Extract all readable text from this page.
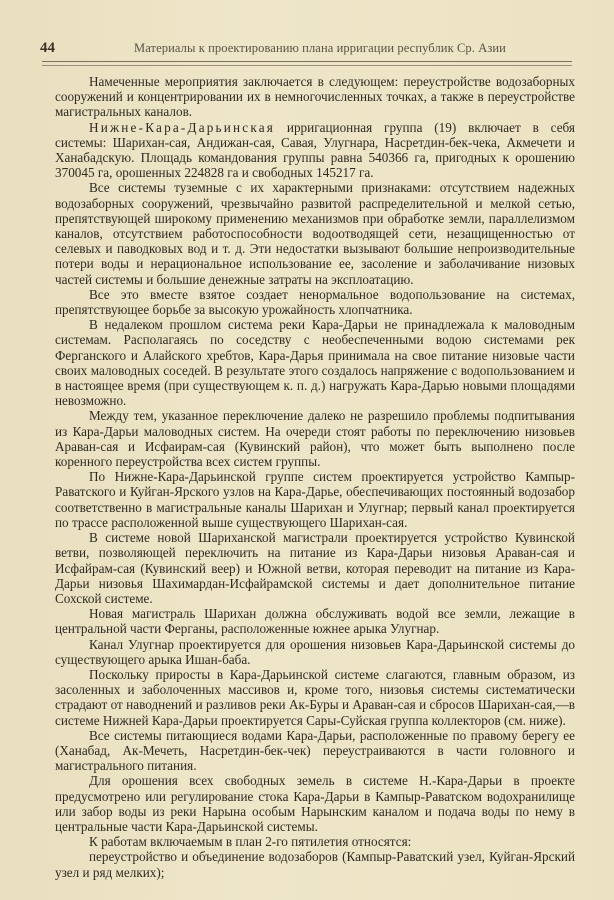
44	Материалы к проектированию плана ирригации республик Ср. Азии

Намеченные мероприятия заключается в следующем: переустройстве водозаборных сооружений и концентрировании их в немногочисленных точках, а также в переустройстве магистральных каналов.

Нижне-Кара-Дарьинская ирригационная группа (19) включает в себя системы: Шарихан-сая, Андижан-сая, Савая, Улугнара, Насретдин-бек-чека, Акмечети и Ханабадскую. Площадь командования группы равна 540366 га, пригодных к орошению 370045 га, орошенных 224828 га и свободных 145217 га.

Все системы туземные с их характерными признаками: отсутствием надежных водозаборных сооружений, чрезвычайно развитой распределительной и мелкой сетью, препятствующей широкому применению механизмов при обработке земли, параллелизмом каналов, отсутствием работоспособности водоотводящей сети, незащищенностью от селевых и паводковых вод и т. д. Эти недостатки вызывают большие непроизводительные потери воды и нерациональное использование ее, засоление и заболачивание низовых частей системы и большие денежные затраты на эксплоатацию.

Все это вместе взятое создает ненормальное водопользование на системах, препятствующее борьбе за высокую урожайность хлопчатника.

В недалеком прошлом система реки Кара-Дарьи не принадлежала к маловодным системам. Располагаясь по соседству с необеспеченными водою системами рек Ферганского и Алайского хребтов, Кара-Дарья принимала на свое питание низовые части своих маловодных соседей. В результате этого создалось напряжение с водопользованием и в настоящее время (при существующем к. п. д.) нагружать Кара-Дарью новыми площадями невозможно.

Между тем, указанное переключение далеко не разрешило проблемы подпитывания из Кара-Дарьи маловодных систем. На очереди стоят работы по переключению низовьев Араван-сая и Исфаирам-сая (Кувинский район), что может быть выполнено после коренного переустройства всех систем группы.

По Нижне-Кара-Дарьинской группе систем проектируется устройство Кампыр-Раватского и Куйган-Ярского узлов на Кара-Дарье, обеспечивающих постоянный водозабор соответственно в магистральные каналы Шарихан и Улугнар; первый канал проектируется по трассе расположенной выше существующего Шарихан-сая.

В системе новой Шариханской магистрали проектируется устройство Кувинской ветви, позволяющей переключить на питание из Кара-Дарьи низовья Араван-сая и Исфайрам-сая (Кувинский веер) и Южной ветви, которая переводит на питание из Кара-Дарьи низовья Шахимардан-Исфайрамской системы и дает дополнительное питание Сохской системе.

Новая магистраль Шарихан должна обслуживать водой все земли, лежащие в центральной части Ферганы, расположенные южнее арыка Улугнар.

Канал Улугнар проектируется для орошения низовьев Кара-Дарьинской системы до существующего арыка Ишан-баба.

Поскольку приросты в Кара-Дарьинской системе слагаются, главным образом, из засоленных и заболоченных массивов и, кроме того, низовья системы систематически страдают от наводнений и разливов реки Ак-Буры и Араван-сая и сбросов Шарихан-сая,—в системе Нижней Кара-Дарьи проектируется Сары-Суйская группа коллекторов (см. ниже).

Все системы питающиеся водами Кара-Дарьи, расположенные по правому берегу ее (Ханабад, Ак-Мечеть, Насретдин-бек-чек) переустраиваются в части головного и магистрального питания.

Для орошения всех свободных земель в системе Н.-Кара-Дарьи в проекте предусмотрено или регулирование стока Кара-Дарьи в Кампыр-Раватском водохранилище или забор воды из реки Нарына особым Нарынским каналом и подача воды по нему в центральные части Кара-Дарьинской системы.

К работам включаемым в план 2-го пятилетия относятся:

переустройство и объединение водозаборов (Кампыр-Раватский узел, Куйган-Ярский узел и ряд мелких);
